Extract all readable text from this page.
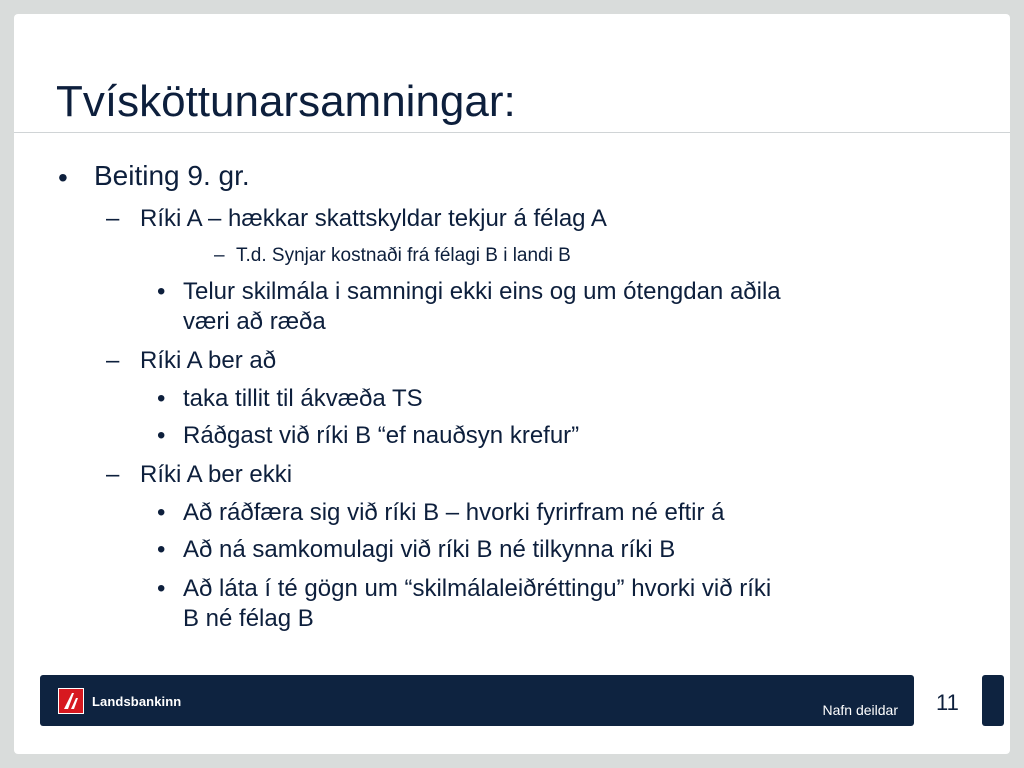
Tvísköttunarsamningar:
• Beiting 9. gr.
– Ríki A – hækkar skattskyldar tekjur á félag A
– T.d. Synjar kostnaði frá félagi B i landi B
• Telur skilmála i samningi ekki eins og um ótengdan aðila
væri að ræða
– Ríki A ber að
• taka tillit til ákvæða TS
• Ráðgast við ríki B “ef nauðsyn krefur”
– Ríki A ber ekki
• Að ráðfæra sig við ríki B – hvorki fyrirfram né eftir á
• Að ná samkomulagi við ríki B né tilkynna ríki B
• Að láta í té gögn um “skilmálaleiðréttingu” hvorki við ríki
B né félag B
Landsbankinn
Nafn deildar 11
